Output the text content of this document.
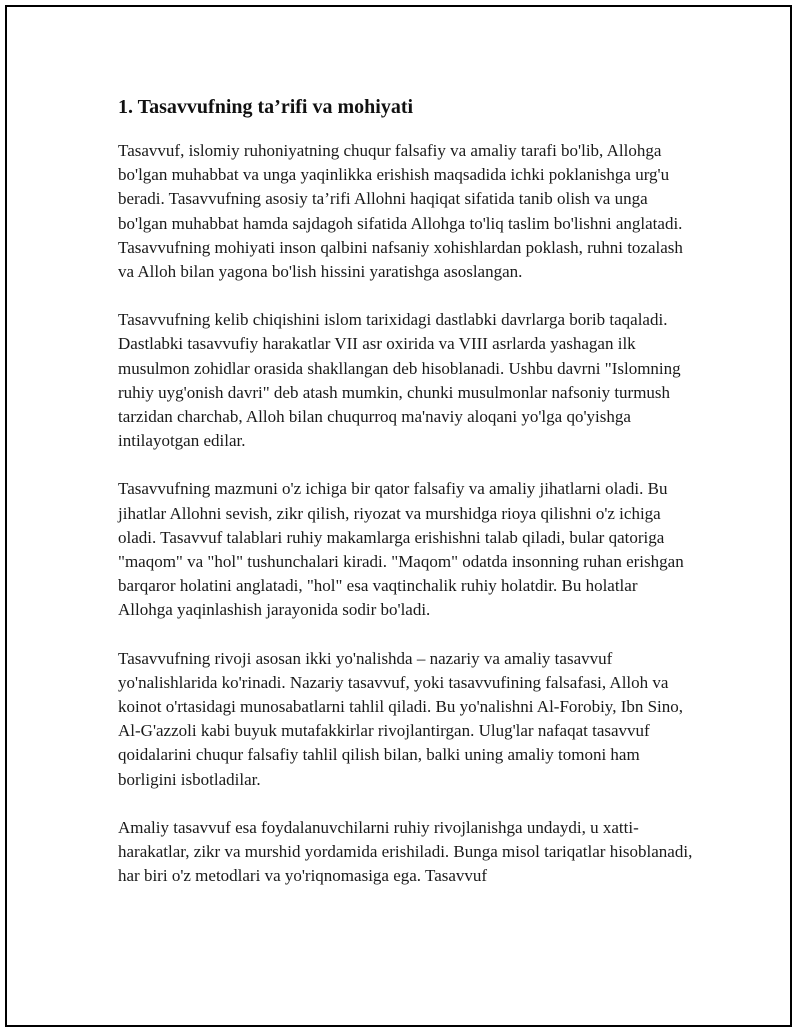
1. Tasavvufning ta’rifi va mohiyati

Tasavvuf, islomiy ruhoniyatning chuqur falsafiy va amaliy tarafi bo'lib, Allohga bo'lgan muhabbat va unga yaqinlikka erishish maqsadida ichki poklanishga urg'u beradi. Tasavvufning asosiy ta’rifi Allohni haqiqat sifatida tanib olish va unga bo'lgan muhabbat hamda sajdagoh sifatida Allohga to'liq taslim bo'lishni anglatadi. Tasavvufning mohiyati inson qalbini nafsaniy xohishlardan poklash, ruhni tozalash va Alloh bilan yagona bo'lish hissini yaratishga asoslangan.

Tasavvufning kelib chiqishini islom tarixidagi dastlabki davrlarga borib taqaladi. Dastlabki tasavvufiy harakatlar VII asr oxirida va VIII asrlarda yashagan ilk musulmon zohidlar orasida shakllangan deb hisoblanadi. Ushbu davrni "Islomning ruhiy uyg'onish davri" deb atash mumkin, chunki musulmonlar nafsoniy turmush tarzidan charchab, Alloh bilan chuqurroq ma'naviy aloqani yo'lga qo'yishga intilayotgan edilar.

Tasavvufning mazmuni o'z ichiga bir qator falsafiy va amaliy jihatlarni oladi. Bu jihatlar Allohni sevish, zikr qilish, riyozat va murshidga rioya qilishni o'z ichiga oladi. Tasavvuf talablari ruhiy makamlarga erishishni talab qiladi, bular qatoriga "maqom" va "hol" tushunchalari kiradi. "Maqom" odatda insonning ruhan erishgan barqaror holatini anglatadi, "hol" esa vaqtinchalik ruhiy holatdir. Bu holatlar Allohga yaqinlashish jarayonida sodir bo'ladi.

Tasavvufning rivoji asosan ikki yo'nalishda – nazariy va amaliy tasavvuf yo'nalishlarida ko'rinadi. Nazariy tasavvuf, yoki tasavvufining falsafasi, Alloh va koinot o'rtasidagi munosabatlarni tahlil qiladi. Bu yo'nalishni Al-Forobiy, Ibn Sino, Al-G'azzoli kabi buyuk mutafakkirlar rivojlantirgan. Ulug'lar nafaqat tasavvuf qoidalarini chuqur falsafiy tahlil qilish bilan, balki uning amaliy tomoni ham borligini isbotladilar.

Amaliy tasavvuf esa foydalanuvchilarni ruhiy rivojlanishga undaydi, u xatti-harakatlar, zikr va murshid yordamida erishiladi. Bunga misol tariqatlar hisoblanadi, har biri o'z metodlari va yo'riqnomasiga ega. Tasavvuf
